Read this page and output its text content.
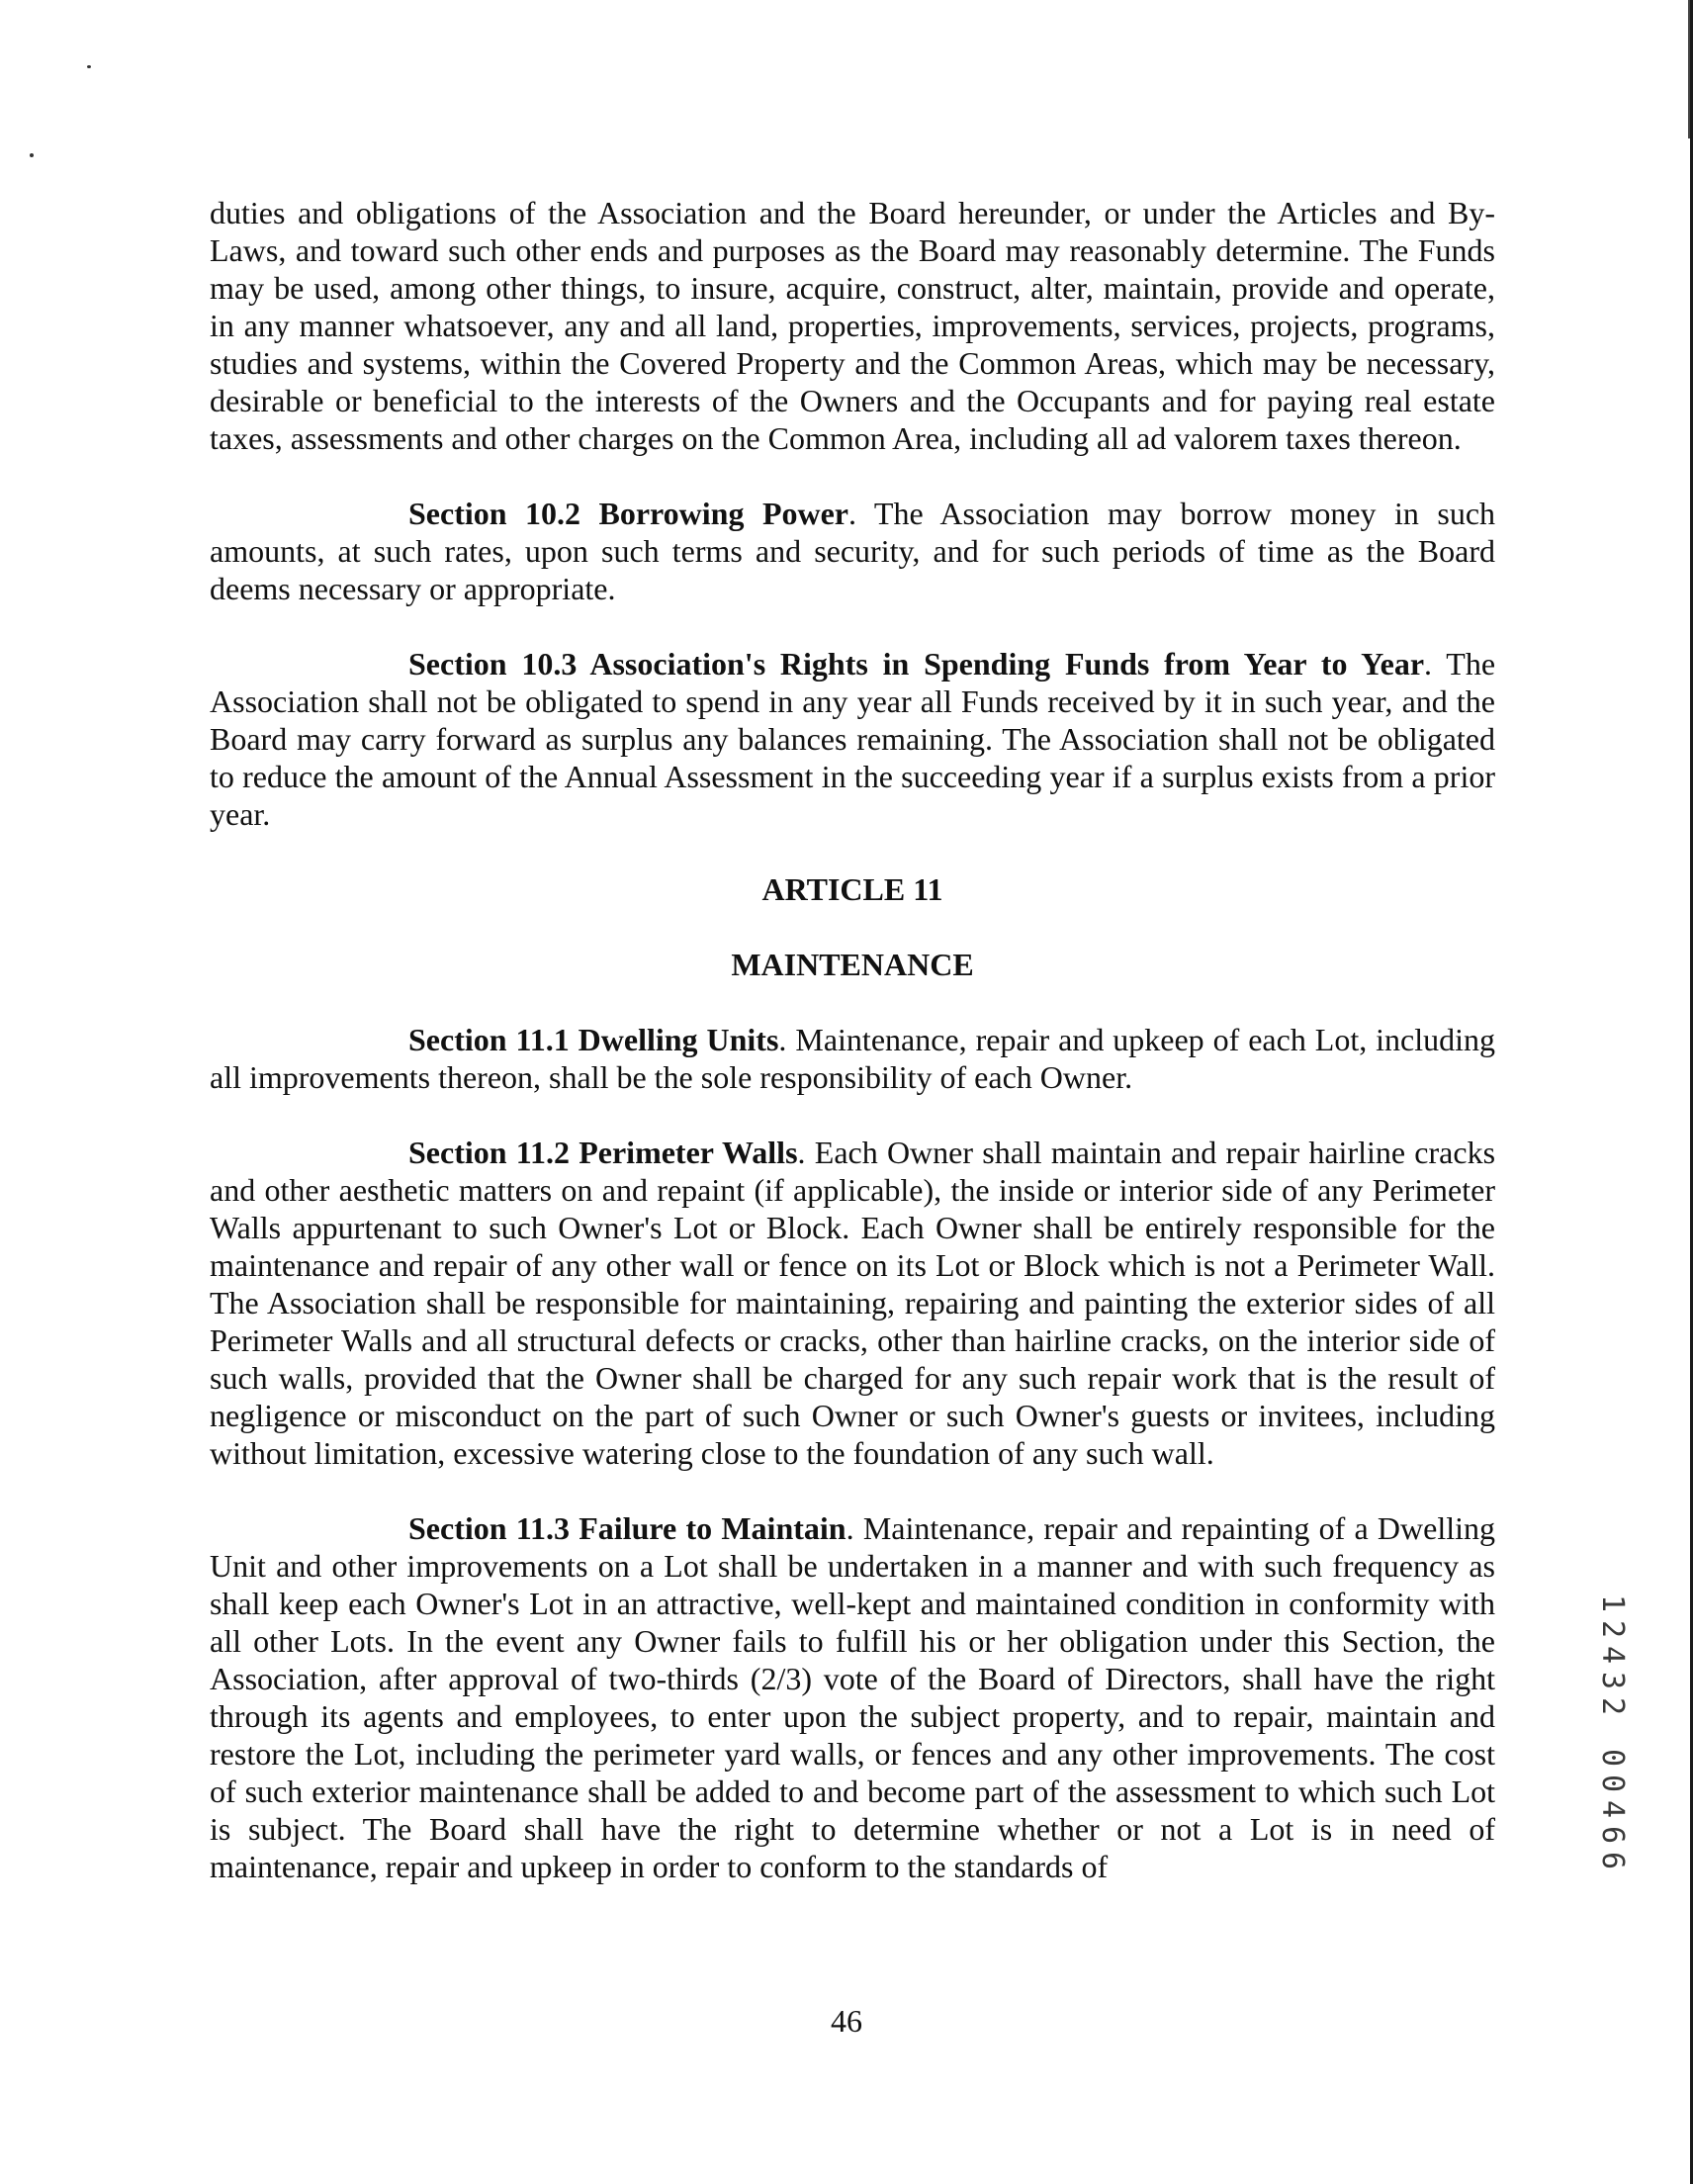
duties and obligations of the Association and the Board hereunder, or under the Articles and By-Laws, and toward such other ends and purposes as the Board may reasonably determine. The Funds may be used, among other things, to insure, acquire, construct, alter, maintain, provide and operate, in any manner whatsoever, any and all land, properties, improvements, services, projects, programs, studies and systems, within the Covered Property and the Common Areas, which may be necessary, desirable or beneficial to the interests of the Owners and the Occupants and for paying real estate taxes, assessments and other charges on the Common Area, including all ad valorem taxes thereon.

Section 10.2 Borrowing Power. The Association may borrow money in such amounts, at such rates, upon such terms and security, and for such periods of time as the Board deems necessary or appropriate.

Section 10.3 Association's Rights in Spending Funds from Year to Year. The Association shall not be obligated to spend in any year all Funds received by it in such year, and the Board may carry forward as surplus any balances remaining. The Association shall not be obligated to reduce the amount of the Annual Assessment in the succeeding year if a surplus exists from a prior year.

ARTICLE 11

MAINTENANCE

Section 11.1 Dwelling Units. Maintenance, repair and upkeep of each Lot, including all improvements thereon, shall be the sole responsibility of each Owner.

Section 11.2 Perimeter Walls. Each Owner shall maintain and repair hairline cracks and other aesthetic matters on and repaint (if applicable), the inside or interior side of any Perimeter Walls appurtenant to such Owner's Lot or Block. Each Owner shall be entirely responsible for the maintenance and repair of any other wall or fence on its Lot or Block which is not a Perimeter Wall. The Association shall be responsible for maintaining, repairing and painting the exterior sides of all Perimeter Walls and all structural defects or cracks, other than hairline cracks, on the interior side of such walls, provided that the Owner shall be charged for any such repair work that is the result of negligence or misconduct on the part of such Owner or such Owner's guests or invitees, including without limitation, excessive watering close to the foundation of any such wall.

Section 11.3 Failure to Maintain. Maintenance, repair and repainting of a Dwelling Unit and other improvements on a Lot shall be undertaken in a manner and with such frequency as shall keep each Owner's Lot in an attractive, well-kept and maintained condition in conformity with all other Lots. In the event any Owner fails to fulfill his or her obligation under this Section, the Association, after approval of two-thirds (2/3) vote of the Board of Directors, shall have the right through its agents and employees, to enter upon the subject property, and to repair, maintain and restore the Lot, including the perimeter yard walls, or fences and any other improvements. The cost of such exterior maintenance shall be added to and become part of the assessment to which such Lot is subject. The Board shall have the right to determine whether or not a Lot is in need of maintenance, repair and upkeep in order to conform to the standards of

1
2
4
3
2
0
0
4
6
6
46
